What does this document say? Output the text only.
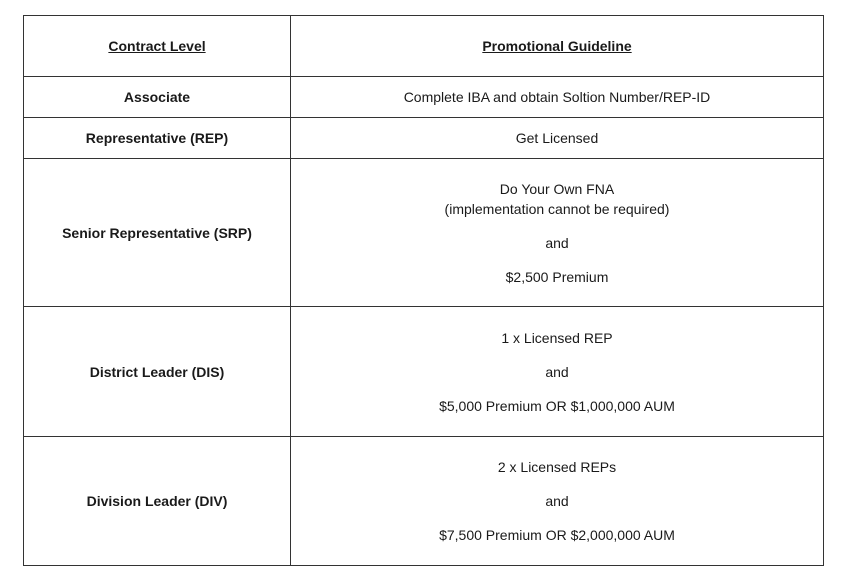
Contract Level	Promotional Guideline
Associate	Complete IBA and obtain Soltion Number/REP-ID

Representative (REP)	Get Licensed

Senior Representative (SRP)	Do Your Own FNA
(implementation cannot be required)
and
$2,500 Premium

District Leader (DIS)	1 x Licensed REP
and
$5,000 Premium OR $1,000,000 AUM

Division Leader (DIV)	2 x Licensed REPs
and
$7,500 Premium OR $2,000,000 AUM
